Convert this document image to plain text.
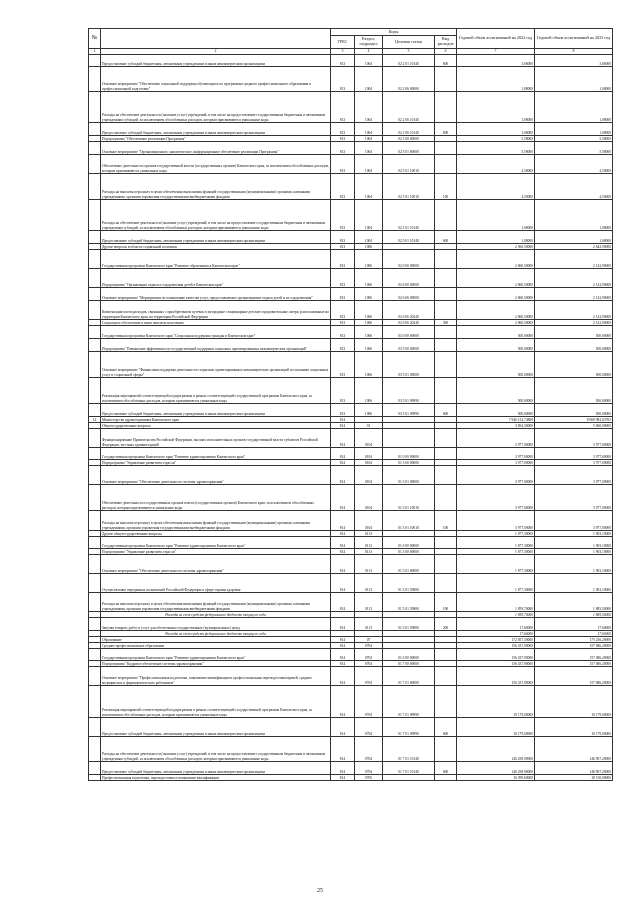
№		Коды				Годовой объем ассигнований на 2022 год	Годовой объем ассигнований на 2023 год
		ГРБС	Раздел, подраздел	Целевая статья	Вид расходов		
1	2	3	4	5	6	7	8
	Предоставление субсидий бюджетным, автономным учреждениям и иным некоммерческим организациям	813	1004	02 2 01 10140	600	3,66000	3,66000
	Основное мероприятие "Обеспечение социальной поддержки обучающихся по программам среднего профессионального образования в профессиональной подготовке"	813	1004	02 2 06 00000		1,08000	1,08000
	Расходы на обеспечение деятельности (оказание услуг) учреждений, в том числе на предоставление государственным бюджетным и автономным учреждениям субсидий, за исключением обособленных расходов, которым присваиваются уникальные коды	813	1004	02 2 06 10140		1,08000	1,08000
	Предоставление субсидий бюджетным, автономным учреждениям и иным некоммерческим организациям	813	1004	02 2 06 10140	600	1,08000	1,08000
	Подпрограмма "Обеспечение реализации Программы"	813	1004	02 5 00 00000		5,58000	5,58000
	Основное мероприятие "Организационное, аналитическое, информационное обеспечение реализации Программы"	813	1004	02 5 01 00000		5,58000	5,58000
	Обеспечение деятельности органов государственной власти (государственных органов) Камчатского края, за исключением обособленных расходов, которым присваиваются уникальные коды	813	1004	02 5 01 10010		4,50000	4,50000
	Расходы на выплаты персоналу в целях обеспечения выполнения функций государственными (муниципальными) органами, казенными учреждениями, органами управления государственными внебюджетными фондами	813	1004	02 5 01 10010	100	4,50000	4,50000
	Расходы на обеспечение деятельности (оказание услуг) учреждений, в том числе на предоставление государственным бюджетным и автономным учреждениям субсидий, за исключением обособленных расходов, которым присваиваются уникальные коды	813	1004	02 5 01 10140		1,08000	1,08000
	Предоставление субсидий бюджетным, автономным учреждениям и иным некоммерческим организациям	813	1004	02 5 01 10140	600	1,08000	1,08000
	Другие вопросы в области социальной политики	813	1006			2 560,50000	2 642,90000
	Государственная программа Камчатского края "Развитие образования в Камчатском крае"	813	1006	02 0 00 00000		2 060,50000	2 142,90000
	Подпрограмма "Организация отдыха и оздоровления детей в Камчатском крае"	813	1006	02 6 00 00000		2 060,50000	2 142,90000
	Основное мероприятие "Мероприятия по повышению качества услуг, предоставляемых организациями отдыха детей и их оздоровления"	813	1006	02 6 06 00000		2 060,50000	2 142,90000
	Компенсация части расходов, связанных с приобретением путевок в загородные стационарные детские оздоровительные лагеря, расположенные на территории Камчатского края, на территории Российской Федерации	813	1006	02 6 06 20240		2 060,50000	2 142,90000
	Социальное обеспечение и иные выплаты населению	813	1006	02 6 06 20240	300	2 060,50000	2 142,90000
	Государственная программа Камчатского края "Социальная поддержка граждан в Камчатском крае"	813	1006	03 0 00 00000		500,00000	500,00000
	Подпрограмма "Повышение эффективности государственной поддержки социально ориентированных некоммерческих организаций"	813	1006	03 5 00 00000		500,00000	500,00000
	Основное мероприятие "Финансовая поддержка деятельности социально ориентированных некоммерческих организаций по оказанию социальных услуг и социальной сферы"	813	1006	03 5 01 00000		500,00000	500,00000
	Реализация мероприятий соответствующей подпрограммы в рамках соответствующей государственной программы Камчатского края, за исключением обособленных расходов, которым присваиваются уникальные коды	813	1006	03 5 01 09990		500,00000	500,00000
	Предоставление субсидий бюджетным, автономным учреждениям и иным некоммерческим организациям	813	1006	03 5 01 09990	600	500,00000	500,00000
12	Министерство здравоохранения Камчатского края	814				7 946 132,74868	8 068 982,63765
	Общегосударственные вопросы	814	01			3 854,30000	5 060,00000
	Функционирование Правительства Российской Федерации, высших исполнительных органов государственной власти субъектов Российской Федерации, местных администраций	814	0104			3 977,00000	3 977,00000
	Государственная программа Камчатского края "Развитие здравоохранения Камчатского края"	814	0104	01 0 00 00000		3 977,00000	3 977,00000
	Подпрограмма "Управление развитием отрасли"	814	0104	01 3 00 00000		3 977,00000	3 977,00000
	Основное мероприятие "Обеспечение деятельности системы здравоохранения"	814	0104	01 3 01 00000		3 977,00000	3 977,00000
	Обеспечение деятельности государственных органов власти (государственных органов) Камчатского края, за исключением обособленных расходов, которым присваиваются уникальные коды	814	0104	01 3 01 10010		3 977,00000	3 977,00000
	Расходы на выплаты персоналу в целях обеспечения выполнения функций государственными (муниципальными) органами, казенными учреждениями, органами управления государственными внебюджетными фондами	814	0104	01 3 01 10010	100	3 977,00000	3 977,00000
	Другие общегосударственные вопросы	814	0113			1 877,30000	1 903,10000
	Государственная программа Камчатского края "Развитие здравоохранения Камчатского края"	814	0113	01 0 00 00000		1 877,30000	1 903,10000
	Подпрограмма "Управление развитием отрасли"	814	0113	01 3 00 00000		1 877,30000	1 903,10000
	Основное мероприятие "Обеспечение деятельности системы здравоохранения"	814	0113	01 3 01 00000		1 877,30000	1 903,10000
	Осуществление переданных полномочий Российской Федерации в сфере охраны здоровья	814	0113	01 3 01 59800		1 877,30000	1 903,10000
	Расходы на выплаты персоналу в целях обеспечения выполнения функций государственными (муниципальными) органами, казенными учреждениями, органами управления государственными внебюджетными фондами	814	0113	01 3 01 59800	100	1 859,70000	1 885,50000
	Расходы за счет средств федерального бюджета текущего года					1 859,70000	1 885,50000
	Закупка товаров, работ и услуг для обеспечения государственных (муниципальных) нужд	814	0113	01 3 01 59800	200	17,60000	17,60000
	Расходы за счет средств федерального бюджета текущего года					17,60000	17,60000
	Образование	814	07			172 857,50000	175 236,20000
	Среднее профессиональное образование	814	0704			156 437,90000	157 086,20000
	Государственная программа Камчатского края "Развитие здравоохранения Камчатского края"	814	0704	01 0 00 00000		156 437,90000	157 086,20000
	Подпрограмма "Кадровое обеспечение системы здравоохранения"	814	0704	01 7 00 00000		156 437,90000	157 086,20000
	Основное мероприятие "Профессиональная подготовка, повышение квалификации и профессиональная переподготовка врачей, средних медицинских и фармацевтических работников"	814	0704	01 7 01 00000		156 437,90000	157 086,20000
	Реализация мероприятий соответствующей подпрограммы в рамках соответствующей государственной программы Камчатского края, за исключением обособленных расходов, которым присваиваются уникальные коды	814	0704	01 7 01 09990		10 179,00000	10 179,00000
	Предоставление субсидий бюджетным, автономным учреждениям и иным некоммерческим организациям	814	0704	01 7 01 09990	600	10 179,00000	10 179,00000
	Расходы на обеспечение деятельности (оказание услуг) учреждений, в том числе на предоставление государственным бюджетным и автономным учреждениям субсидий, за исключением обособленных расходов, которым присваиваются уникальные коды	814	0704	01 7 01 10140		146 258,90000	146 907,20000
	Предоставление субсидий бюджетным, автономным учреждениям и иным некоммерческим организациям	814	0704	01 7 01 10140	600	146 258,90000	146 907,20000
	Профессиональная подготовка, переподготовка и повышение квалификации	814	0705			16 399,60000	18 150,00000
25
